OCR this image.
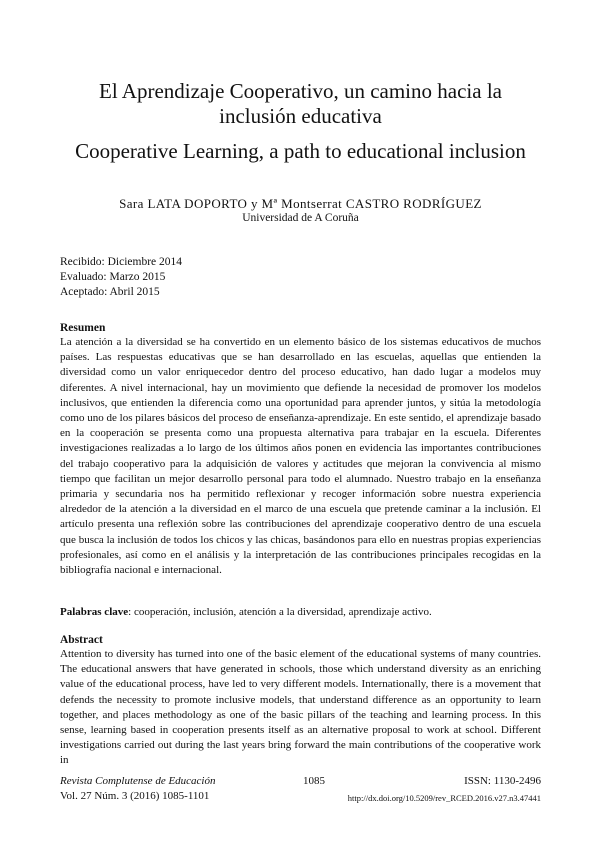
El Aprendizaje Cooperativo, un camino hacia la inclusión educativa
Cooperative Learning, a path to educational inclusion
Sara LATA DOPORTO y Mª Montserrat CASTRO RODRÍGUEZ
Universidad de A Coruña
Recibido: Diciembre 2014
Evaluado: Marzo 2015
Aceptado: Abril 2015
Resumen

La atención a la diversidad se ha convertido en un elemento básico de los sistemas educativos de muchos países. Las respuestas educativas que se han desarrollado en las escuelas, aquellas que entienden la diversidad como un valor enriquecedor dentro del proceso educativo, han dado lugar a modelos muy diferentes. A nivel internacional, hay un movimiento que defiende la necesidad de promover los modelos inclusivos, que entienden la diferencia como una oportunidad para aprender juntos, y sitúa la metodología como uno de los pilares básicos del proceso de enseñanza-aprendizaje. En este sentido, el aprendizaje basado en la cooperación se presenta como una propuesta alternativa para trabajar en la escuela. Diferentes investigaciones realizadas a lo largo de los últimos años ponen en evidencia las importantes contribuciones del trabajo cooperativo para la adquisición de valores y actitudes que mejoran la convivencia al mismo tiempo que facilitan un mejor desarrollo personal para todo el alumnado. Nuestro trabajo en la enseñanza primaria y secundaria nos ha permitido reflexionar y recoger información sobre nuestra experiencia alrededor de la atención a la diversidad en el marco de una escuela que pretende caminar a la inclusión. El artículo presenta una reflexión sobre las contribuciones del aprendizaje cooperativo dentro de una escuela que busca la inclusión de todos los chicos y las chicas, basándonos para ello en nuestras propias experiencias profesionales, así como en el análisis y la interpretación de las contribuciones principales recogidas en la bibliografía nacional e internacional.

Palabras clave: cooperación, inclusión, atención a la diversidad, aprendizaje activo.
Abstract

Attention to diversity has turned into one of the basic element of the educational systems of many countries. The educational answers that have generated in schools, those which understand diversity as an enriching value of the educational process, have led to very different models. Internationally, there is a movement that defends the necessity to promote inclusive models, that understand difference as an opportunity to learn together, and places methodology as one of the basic pillars of the teaching and learning process. In this sense, learning based in cooperation presents itself as an alternative proposal to work at school. Different investigations carried out during the last years bring forward the main contributions of the cooperative work in

Revista Complutense de Educación	1085	ISSN: 1130-2496
Vol. 27 Núm. 3 (2016) 1085-1101	http://dx.doi.org/10.5209/rev_RCED.2016.v27.n3.47441
